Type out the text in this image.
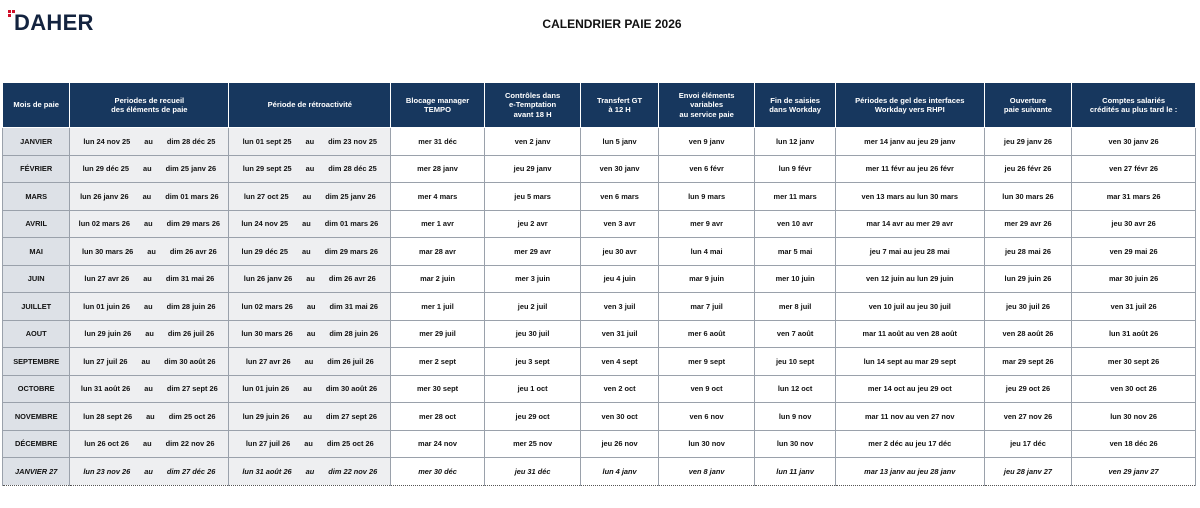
DAHER	CALENDRIER PAIE 2026
Mois de paie	Periodes de recueil
des éléments de paie	Période de rétroactivité	Blocage manager
TEMPO	Contrôles dans
e-Temptation
avant 18 H	Transfert GT
à 12 H	Envoi éléments
variables
au service paie	Fin de saisies
dans Workday	Périodes de gel des interfaces
Workday vers RHPI	Ouverture
paie suivante	Comptes salariés
crédités au plus tard le :
JANVIER	lun 24 nov 25 au dim 28 déc 25	lun 01 sept 25 au dim 23 nov 25	mer 31 déc	ven 2 janv	lun 5 janv	ven 9 janv	lun 12 janv	mer 14 janv au jeu 29 janv	jeu 29 janv 26	ven 30 janv 26
FÉVRIER	lun 29 déc 25 au dim 25 janv 26	lun 29 sept 25 au dim 28 déc 25	mer 28 janv	jeu 29 janv	ven 30 janv	ven 6 févr	lun 9 févr	mer 11 févr au jeu 26 févr	jeu 26 févr 26	ven 27 févr 26
MARS	lun 26 janv 26 au dim 01 mars 26	lun 27 oct 25 au dim 25 janv 26	mer 4 mars	jeu 5 mars	ven 6 mars	lun 9 mars	mer 11 mars	ven 13 mars au lun 30 mars	lun 30 mars 26	mar 31 mars 26
AVRIL	lun 02 mars 26 au dim 29 mars 26	lun 24 nov 25 au dim 01 mars 26	mer 1 avr	jeu 2 avr	ven 3 avr	mer 9 avr	ven 10 avr	mar 14 avr au mer 29 avr	mer 29 avr 26	jeu 30 avr 26
MAI	lun 30 mars 26 au dim 26 avr 26	lun 29 déc 25 au dim 29 mars 26	mar 28 avr	mer 29 avr	jeu 30 avr	lun 4 mai	mar 5 mai	jeu 7 mai au jeu 28 mai	jeu 28 mai 26	ven 29 mai 26
JUIN	lun 27 avr 26 au dim 31 mai 26	lun 26 janv 26 au dim 26 avr 26	mar 2 juin	mer 3 juin	jeu 4 juin	mar 9 juin	mer 10 juin	ven 12 juin au lun 29 juin	lun 29 juin 26	mar 30 juin 26
JUILLET	lun 01 juin 26 au dim 28 juin 26	lun 02 mars 26 au dim 31 mai 26	mer 1 juil	jeu 2 juil	ven 3 juil	mar 7 juil	mer 8 juil	ven 10 juil au jeu 30 juil	jeu 30 juil 26	ven 31 juil 26
AOUT	lun 29 juin 26 au dim 26 juil 26	lun 30 mars 26 au dim 28 juin 26	mer 29 juil	jeu 30 juil	ven 31 juil	mer 6 août	ven 7 août	mar 11 août au ven 28 août	ven 28 août 26	lun 31 août 26
SEPTEMBRE	lun 27 juil 26 au dim 30 août 26	lun 27 avr 26 au dim 26 juil 26	mer 2 sept	jeu 3 sept	ven 4 sept	mer 9 sept	jeu 10 sept	lun 14 sept au mar 29 sept	mar 29 sept 26	mer 30 sept 26
OCTOBRE	lun 31 août 26 au dim 27 sept 26	lun 01 juin 26 au dim 30 août 26	mer 30 sept	jeu 1 oct	ven 2 oct	ven 9 oct	lun 12 oct	mer 14 oct au jeu 29 oct	jeu 29 oct 26	ven 30 oct 26
NOVEMBRE	lun 28 sept 26 au dim 25 oct 26	lun 29 juin 26 au dim 27 sept 26	mer 28 oct	jeu 29 oct	ven 30 oct	ven 6 nov	lun 9 nov	mar 11 nov au ven 27 nov	ven 27 nov 26	lun 30 nov 26
DÉCEMBRE	lun 26 oct 26 au dim 22 nov 26	lun 27 juil 26 au dim 25 oct 26	mar 24 nov	mer 25 nov	jeu 26 nov	lun 30 nov	lun 30 nov	mer 2 déc au jeu 17 déc	jeu 17 déc	ven 18 déc 26
JANVIER 27	lun 23 nov 26 au dim 27 déc 26	lun 31 août 26 au dim 22 nov 26	mer 30 déc	jeu 31 déc	lun 4 janv	ven 8 janv	lun 11 janv	mar 13 janv au jeu 28 janv	jeu 28 janv 27	ven 29 janv 27
